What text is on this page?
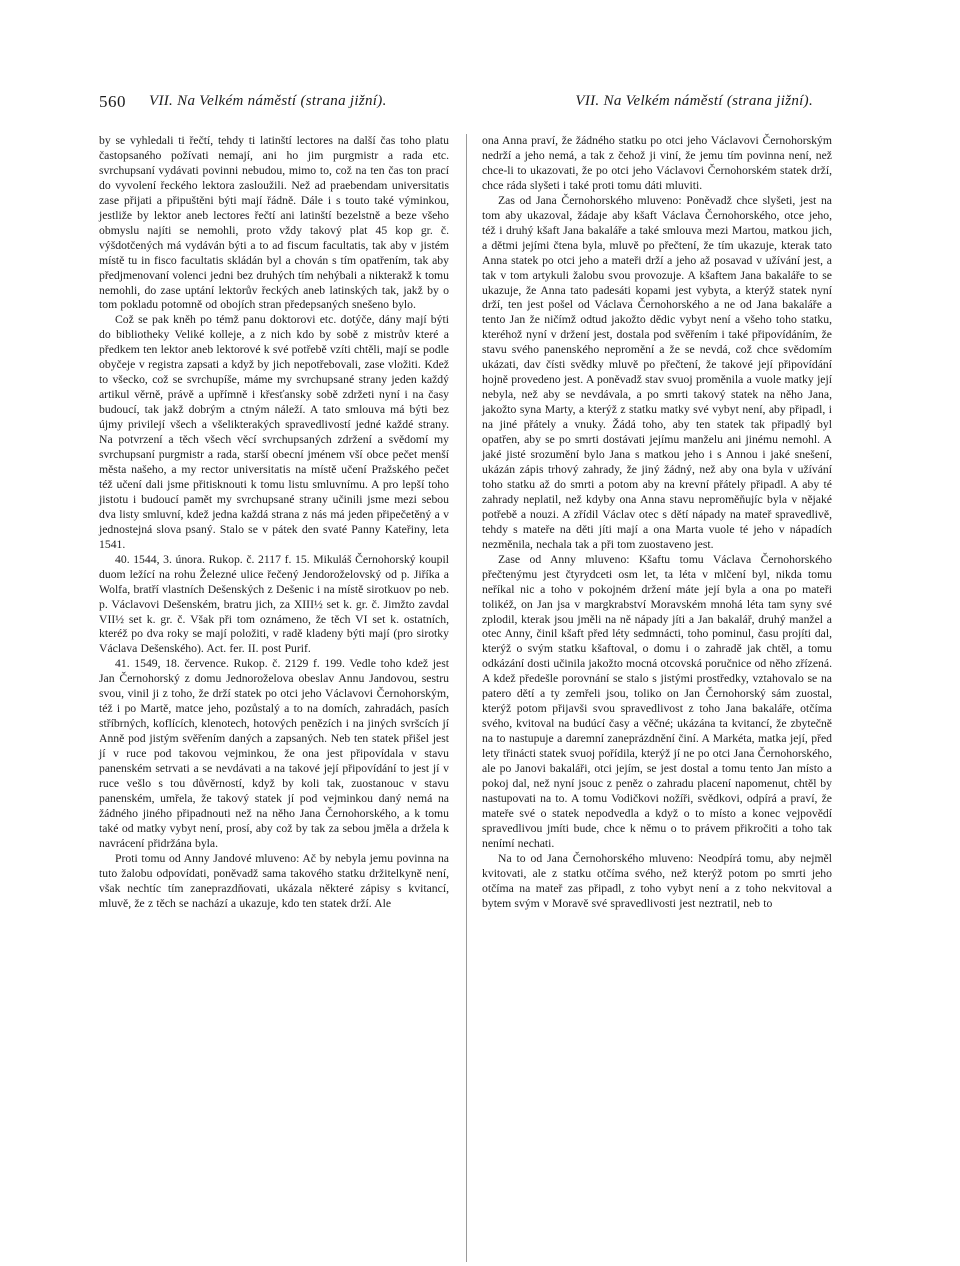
560 VII. Na Velkém náměstí (strana jižní).	VII. Na Velkém náměstí (strana jižní).

by se vyhledali ti řečtí, tehdy ti latinští lectores na další čas toho platu častopsaného požívati nemají, ani ho jim purgmistr a rada etc. svrchupsaní vydávati povinni nebudou, mimo to, což na ten čas ton prací do vyvolení řeckého lektora zasloužili. Než ad praebendam universitatis zase přijati a připuštěni býti mají řádně. Dále i s touto také výminkou, jestliže by lektor aneb lectores řečtí ani latinští bezelstně a beze všeho obmyslu najíti se nemohli, proto vždy takový plat 45 kop gr. č. výšdotčených má vydáván býti a to ad fiscum facultatis, tak aby v jistém místě tu in fisco facultatis skládán byl a chován s tím opatřením, tak aby předjmenovaní volenci jedni bez druhých tím nehýbali a nikterakž k tomu nemohli, do zase uptání lektorův řeckých aneb latinských tak, jakž by o tom pokladu potomně od obojích stran předepsaných snešeno bylo.

Což se pak kněh po témž panu doktorovi etc. dotýče, dány mají býti do bibliotheky Veliké kolleje, a z nich kdo by sobě z mistrův které a předkem ten lektor aneb lektorové k své potřebě vzíti chtěli, mají se podle obyčeje v registra zapsati a když by jich nepotřebovali, zase vložiti. Kdež to všecko, což se svrchupíše, máme my svrchupsané strany jeden každý artikul věrně, právě a upřímně i křesťansky sobě zdržeti nyní i na časy budoucí, tak jakž dobrým a ctným náleží. A tato smlouva má býti bez újmy privilejí všech a všelikterakých spravedlivostí jedné každé strany. Na potvrzení a těch všech věcí svrchupsaných zdržení a svědomí my svrchupsaní purgmistr a rada, starší obecní jménem vší obce pečet menší města našeho, a my rector universitatis na místě učení Pražského pečet též učení dali jsme přitisknouti k tomu listu smluvnímu. A pro lepší toho jistotu i budoucí pamět my svrchupsané strany učinili jsme mezi sebou dva listy smluvní, kdež jedna každá strana z nás má jeden připečetěný a v jednostejná slova psaný. Stalo se v pátek den svaté Panny Kateřiny, leta 1541.

40. 1544, 3. února. Rukop. č. 2117 f. 15. Mikuláš Černohorský koupil duom ležící na rohu Železné ulice řečený Jendoroželovský od p. Jiříka a Wolfa, bratří vlastních Dešenských z Dešenic i na místě sirotkuov po neb. p. Václavovi Dešenském, bratru jich, za XIII½ set k. gr. č. Jimžto zavdal VII½ set k. gr. č. Však při tom oznámeno, že těch VI set k. ostatních, kteréž po dva roky se mají položiti, v radě kladeny býti mají (pro sirotky Václava Dešenského). Act. fer. II. post Purif.

41. 1549, 18. července. Rukop. č. 2129 f. 199. Vedle toho kdež jest Jan Černohorský z domu Jednoroželova obeslav Annu Jandovou, sestru svou, vinil ji z toho, že drží statek po otci jeho Václavovi Černohorským, též i po Martě, matce jeho, pozůstalý a to na domích, zahradách, pasích stříbrných, koflících, klenotech, hotových penězích i na jiných svršcích jí Anně pod jistým svěřením daných a zapsaných. Neb ten statek přišel jest jí v ruce pod takovou vejminkou, že ona jest připovídala v stavu panenském setrvati a se nevdávati a na takové její připovídání to jest jí v ruce vešlo s tou důvěrností, když by koli tak, zuostanouc v stavu panenském, umřela, že takový statek jí pod vejminkou daný nemá na žádného jiného připadnouti než na něho Jana Černohorského, a k tomu také od matky vybyt není, prosí, aby což by tak za sebou jměla a držela k navrácení přidržána byla.

Proti tomu od Anny Jandové mluveno: Ač by nebyla jemu povinna na tuto žalobu odpovídati, poněvadž sama takového statku držitelkyně není, však nechtíc tím zaneprazdňovati, ukázala některé zápisy s kvitancí, mluvě, že z těch se nachází a ukazuje, kdo ten statek drží. Ale

ona Anna praví, že žádného statku po otci jeho Václavovi Černohorským nedrží a jeho nemá, a tak z čehož ji viní, že jemu tím povinna není, než chce-li to ukazovati, že po otci jeho Václavovi Černohorském statek drží, chce ráda slyšeti i také proti tomu dáti mluviti.

Zas od Jana Černohorského mluveno: Poněvadž chce slyšeti, jest na tom aby ukazoval, žádaje aby kšaft Václava Černohorského, otce jeho, též i druhý kšaft Jana bakaláře a také smlouva mezi Martou, matkou jich, a dětmi jejími čtena byla, mluvě po přečtení, že tím ukazuje, kterak tato Anna statek po otci jeho a mateři drží a jeho až posavad v užívání jest, a tak v tom artykuli žalobu svou provozuje. A kšaftem Jana bakaláře to se ukazuje, že Anna tato padesáti kopami jest vybyta, a kterýž statek nyní drží, ten jest pošel od Václava Černohorského a ne od Jana bakaláře a tento Jan že ničímž odtud jakožto dědic vybyt není a všeho toho statku, kteréhož nyní v držení jest, dostala pod svěřením i také připovídáním, že stavu svého panenského nepromění a že se nevdá, což chce svědomím ukázati, dav čísti svědky mluvě po přečtení, že takové její připovídání hojně provedeno jest. A poněvadž stav svuoj proměnila a vuole matky její nebyla, než aby se nevdávala, a po smrti takový statek na něho Jana, jakožto syna Marty, a kterýž z statku matky své vybyt není, aby připadl, i na jiné přátely a vnuky. Žádá toho, aby ten statek tak připadlý byl opatřen, aby se po smrti dostávati jejímu manželu ani jinému nemohl. A jaké jisté srozumění bylo Jana s matkou jeho i s Annou i jaké snešení, ukázán zápis trhový zahrady, že jiný žádný, než aby ona byla v užívání toho statku až do smrti a potom aby na krevní přátely připadl. A aby té zahrady neplatil, než kdyby ona Anna stavu neproměňujíc byla v nějaké potřebě a nouzi. A zřídil Václav otec s dětí nápady na mateř spravedlivě, tehdy s mateře na děti jíti mají a ona Marta vuole té jeho v nápadích nezměnila, nechala tak a při tom zuostaveno jest.

Zase od Anny mluveno: Kšaftu tomu Václava Černohorského přečtenýmu jest čtyrydceti osm let, ta léta v mlčení byl, nikda tomu neříkal nic a toho v pokojném držení máte její byla a ona po mateři tolikéž, on Jan jsa v margkrabství Moravském mnohá léta tam syny své zplodil, kterak jsou jměli na ně nápady jíti a Jan bakalář, druhý manžel a otec Anny, činil kšaft před léty sedmnácti, toho pominul, času projíti dal, kterýž o svým statku kšaftoval, o domu i o zahradě jak chtěl, a tomu odkázání dosti učinila jakožto mocná otcovská poručnice od něho zřízená. A kdež předešle porovnání se stalo s jistými prostředky, vztahovalo se na patero dětí a ty zemřeli jsou, toliko on Jan Černohorský sám zuostal, kterýž potom přijavši svou spravedlivost z toho Jana bakaláře, otčíma svého, kvitoval na budúcí časy a věčné; ukázána ta kvitancí, že zbytečně na to nastupuje a daremní zaneprázdnění činí. A Markéta, matka její, před lety třinácti statek svuoj pořídila, kterýž jí ne po otci Jana Černohorského, ale po Janovi bakaláři, otci jejím, se jest dostal a tomu tento Jan místo a pokoj dal, než nyní jsouc z peněz o zahradu placení napomenut, chtěl by nastupovati na to. A tomu Vodičkovi nožíři, svědkovi, odpírá a praví, že mateře své o statek nepodvedla a když o to místo a konec vejpovědí spravedlivou jmíti bude, chce k němu o to právem přikročiti a toho tak nenímí nechati.

Na to od Jana Černohorského mluveno: Neodpírá tomu, aby nejměl kvitovati, ale z statku otčíma svého, než kterýž potom po smrti jeho otčíma na mateř zas připadl, z toho vybyt není a z toho nekvitoval a bytem svým v Moravě své spravedlivosti jest neztratil, neb to
